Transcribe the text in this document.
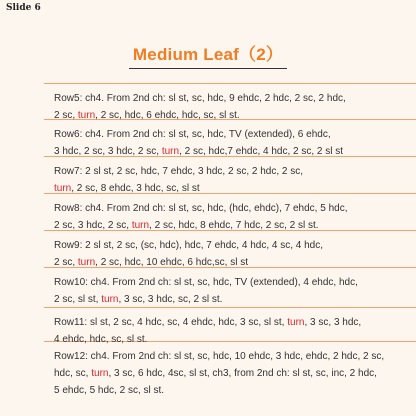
Slide 6
Medium Leaf（2）
Row5: ch4. From 2nd ch: sl st, sc, hdc, 9 ehdc, 2 hdc, 2 sc, 2 hdc,
2 sc, turn, 2 sc, hdc, 6 ehdc, hdc, sc, sl st.
Row6: ch4. From 2nd ch: sl st, sc, hdc, TV (extended), 6 ehdc,
3 hdc, 2 sc, 3 hdc, 2 sc, turn, 2 sc, hdc,7 ehdc, 4 hdc, 2 sc, 2 sl st
Row7: 2 sl st, 2 sc, hdc, 7 ehdc, 3 hdc, 2 sc, 2 hdc, 2 sc,
turn, 2 sc, 8 ehdc, 3 hdc, sc, sl st
Row8: ch4. From 2nd ch: sl st, sc, hdc, (hdc, ehdc), 7 ehdc, 5 hdc,
2 sc, 3 hdc, 2 sc, turn, 2 sc, hdc, 8 ehdc, 7 hdc, 2 sc, 2 sl st.
Row9: 2 sl st, 2 sc, (sc, hdc), hdc, 7 ehdc, 4 hdc, 4 sc, 4 hdc,
2 sc, turn, 2 sc, hdc, 10 ehdc, 6 hdc,sc, sl st
Row10: ch4. From 2nd ch: sl st, sc, hdc, TV (extended), 4 ehdc, hdc,
2 sc, sl st, turn, 3 sc, 3 hdc, sc, 2 sl st.
Row11: sl st, 2 sc, 4 hdc, sc, 4 ehdc, hdc, 3 sc, sl st, turn, 3 sc, 3 hdc,
4 ehdc, hdc, sc, sl st.
Row12: ch4. From 2nd ch: sl st, sc, hdc, 10 ehdc, 3 hdc, ehdc, 2 hdc, 2 sc,
hdc, sc, turn, 3 sc, 6 hdc, 4sc, sl st, ch3, from 2nd ch: sl st, sc, inc, 2 hdc,
5 ehdc, 5 hdc, 2 sc, sl st.
